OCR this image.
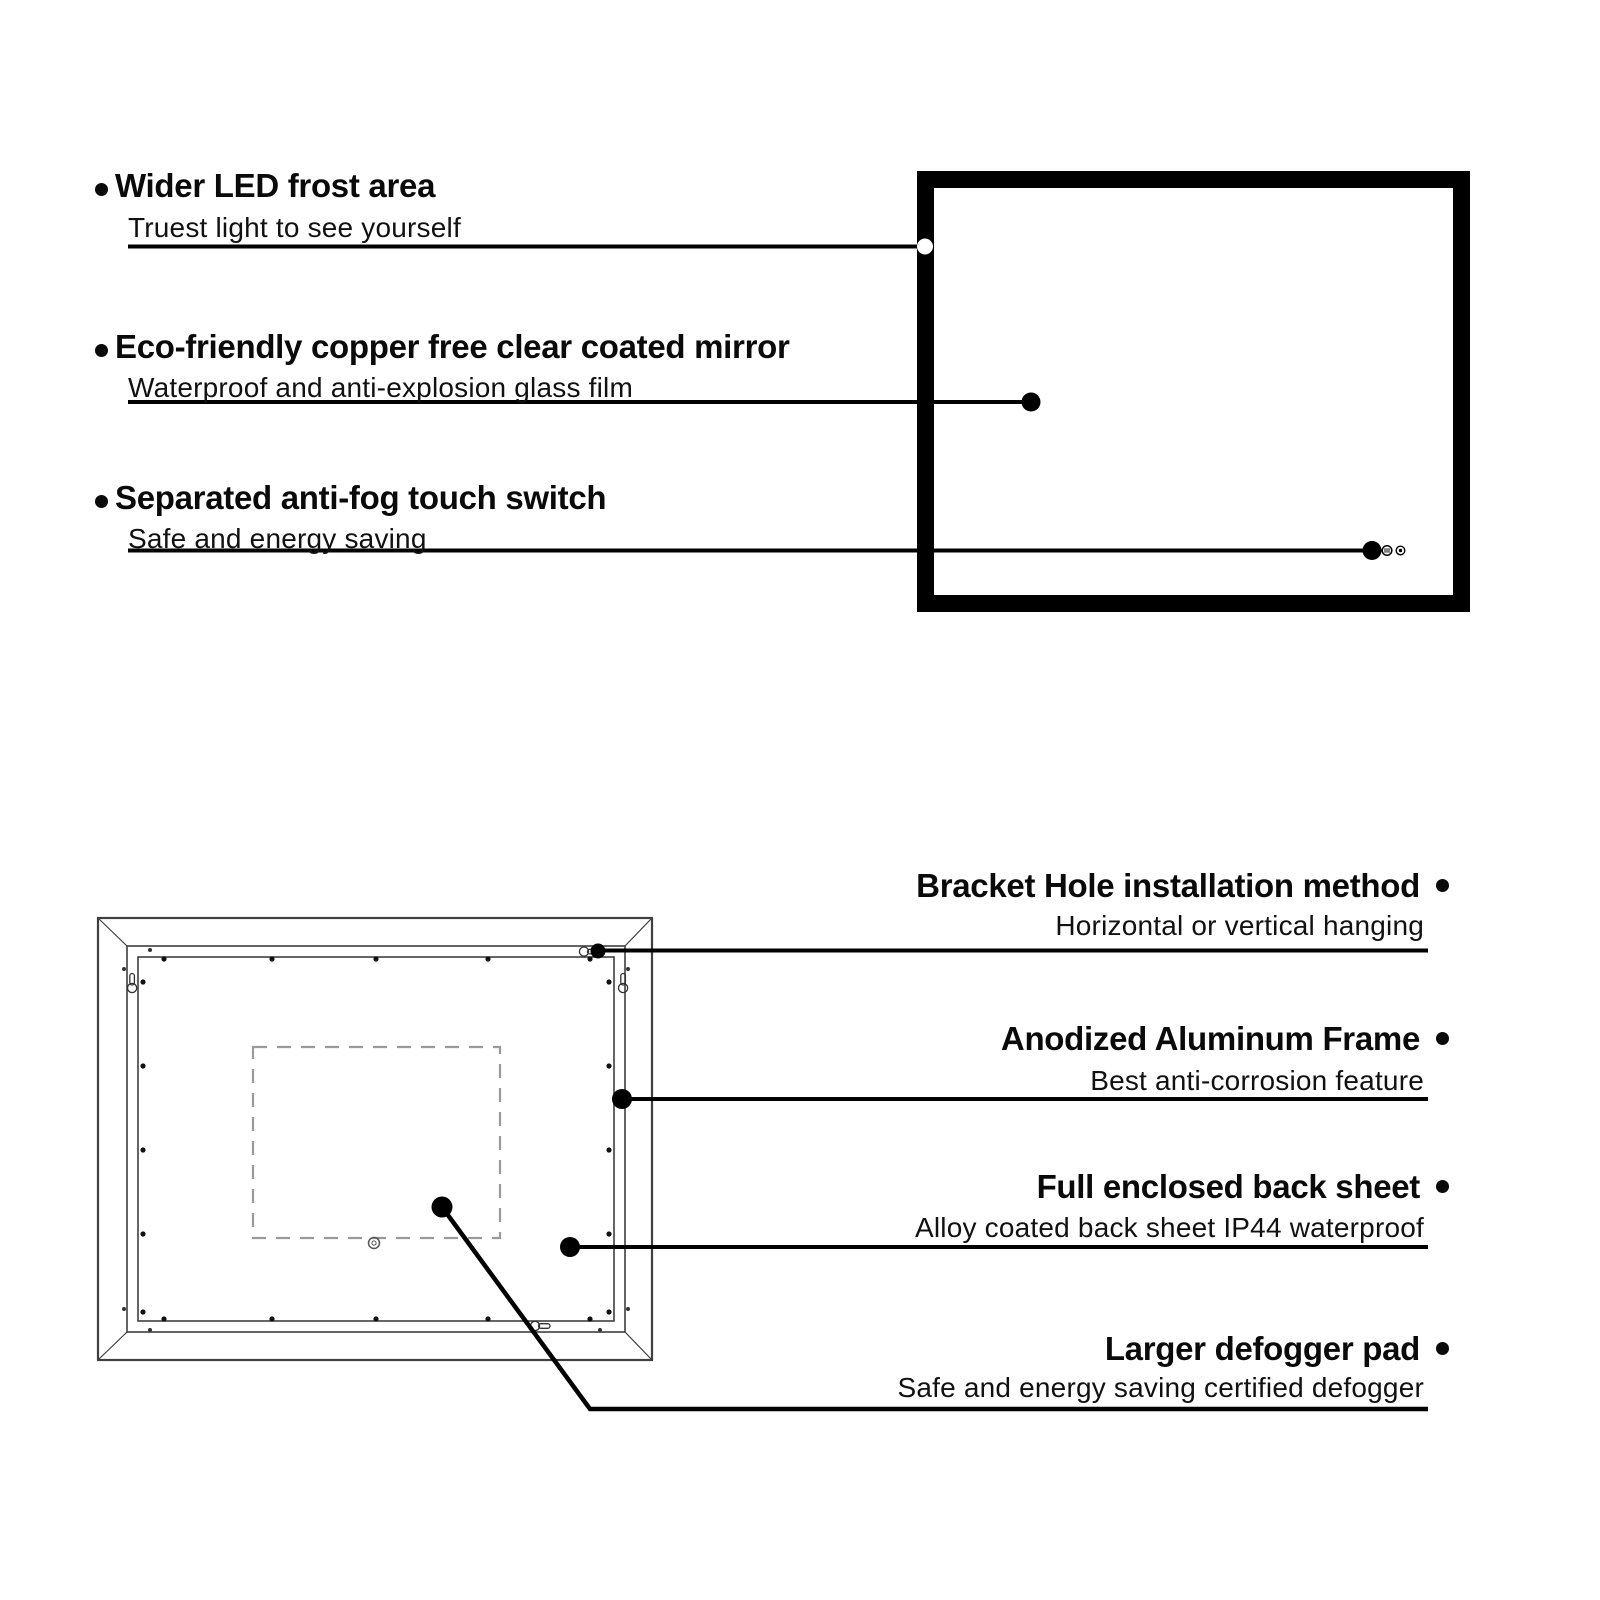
Wider LED frost area
Truest light to see yourself
Eco-friendly copper free clear coated mirror
Waterproof and anti-explosion glass film
Separated anti-fog touch switch
Safe and energy saving
Bracket Hole installation method
Horizontal or vertical hanging
Anodized Aluminum Frame
Best anti-corrosion feature
Full enclosed back sheet
Alloy coated back sheet IP44 waterproof
Larger defogger pad
Safe and energy saving certified defogger
